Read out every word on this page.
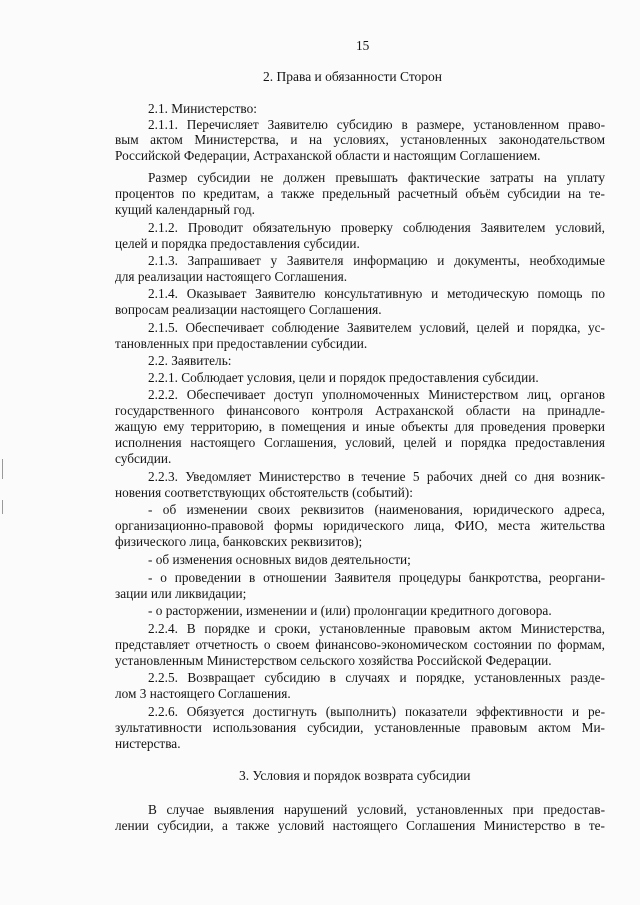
15
2. Права и обязанности Сторон
2.1. Министерство:
2.1.1. Перечисляет Заявителю субсидию в размере, установленном право-
вым актом Министерства, и на условиях, установленных законодательством
Российской Федерации, Астраханской области и настоящим Соглашением.
Размер субсидии не должен превышать фактические затраты на уплату
процентов по кредитам, а также предельный расчетный объём субсидии на те-
кущий календарный год.
2.1.2. Проводит обязательную проверку соблюдения Заявителем условий,
целей и порядка предоставления субсидии.
2.1.3. Запрашивает у Заявителя информацию и документы, необходимые
для реализации настоящего Соглашения.
2.1.4. Оказывает Заявителю консультативную и методическую помощь по
вопросам реализации настоящего Соглашения.
2.1.5. Обеспечивает соблюдение Заявителем условий, целей и порядка, ус-
тановленных при предоставлении субсидии.
2.2. Заявитель:
2.2.1. Соблюдает условия, цели и порядок предоставления субсидии.
2.2.2. Обеспечивает доступ уполномоченных Министерством лиц, органов
государственного финансового контроля Астраханской области на принадле-
жащую ему территорию, в помещения и иные объекты для проведения проверки
исполнения настоящего Соглашения, условий, целей и порядка предоставления
субсидии.
2.2.3. Уведомляет Министерство в течение 5 рабочих дней со дня возник-
новения соответствующих обстоятельств (событий):
- об изменении своих реквизитов (наименования, юридического адреса,
организационно-правовой формы юридического лица, ФИО, места жительства
физического лица, банковских реквизитов);
- об изменения основных видов деятельности;
- о проведении в отношении Заявителя процедуры банкротства, реоргани-
зации или ликвидации;
- о расторжении, изменении и (или) пролонгации кредитного договора.
2.2.4. В порядке и сроки, установленные правовым актом Министерства,
представляет отчетность о своем финансово-экономическом состоянии по формам,
установленным Министерством сельского хозяйства Российской Федерации.
2.2.5. Возвращает субсидию в случаях и порядке, установленных разде-
лом 3 настоящего Соглашения.
2.2.6. Обязуется достигнуть (выполнить) показатели эффективности и ре-
зультативности использования субсидии, установленные правовым актом Ми-
нистерства.
3. Условия и порядок возврата субсидии
В случае выявления нарушений условий, установленных при предостав-
лении субсидии, а также условий настоящего Соглашения Министерство в те-
